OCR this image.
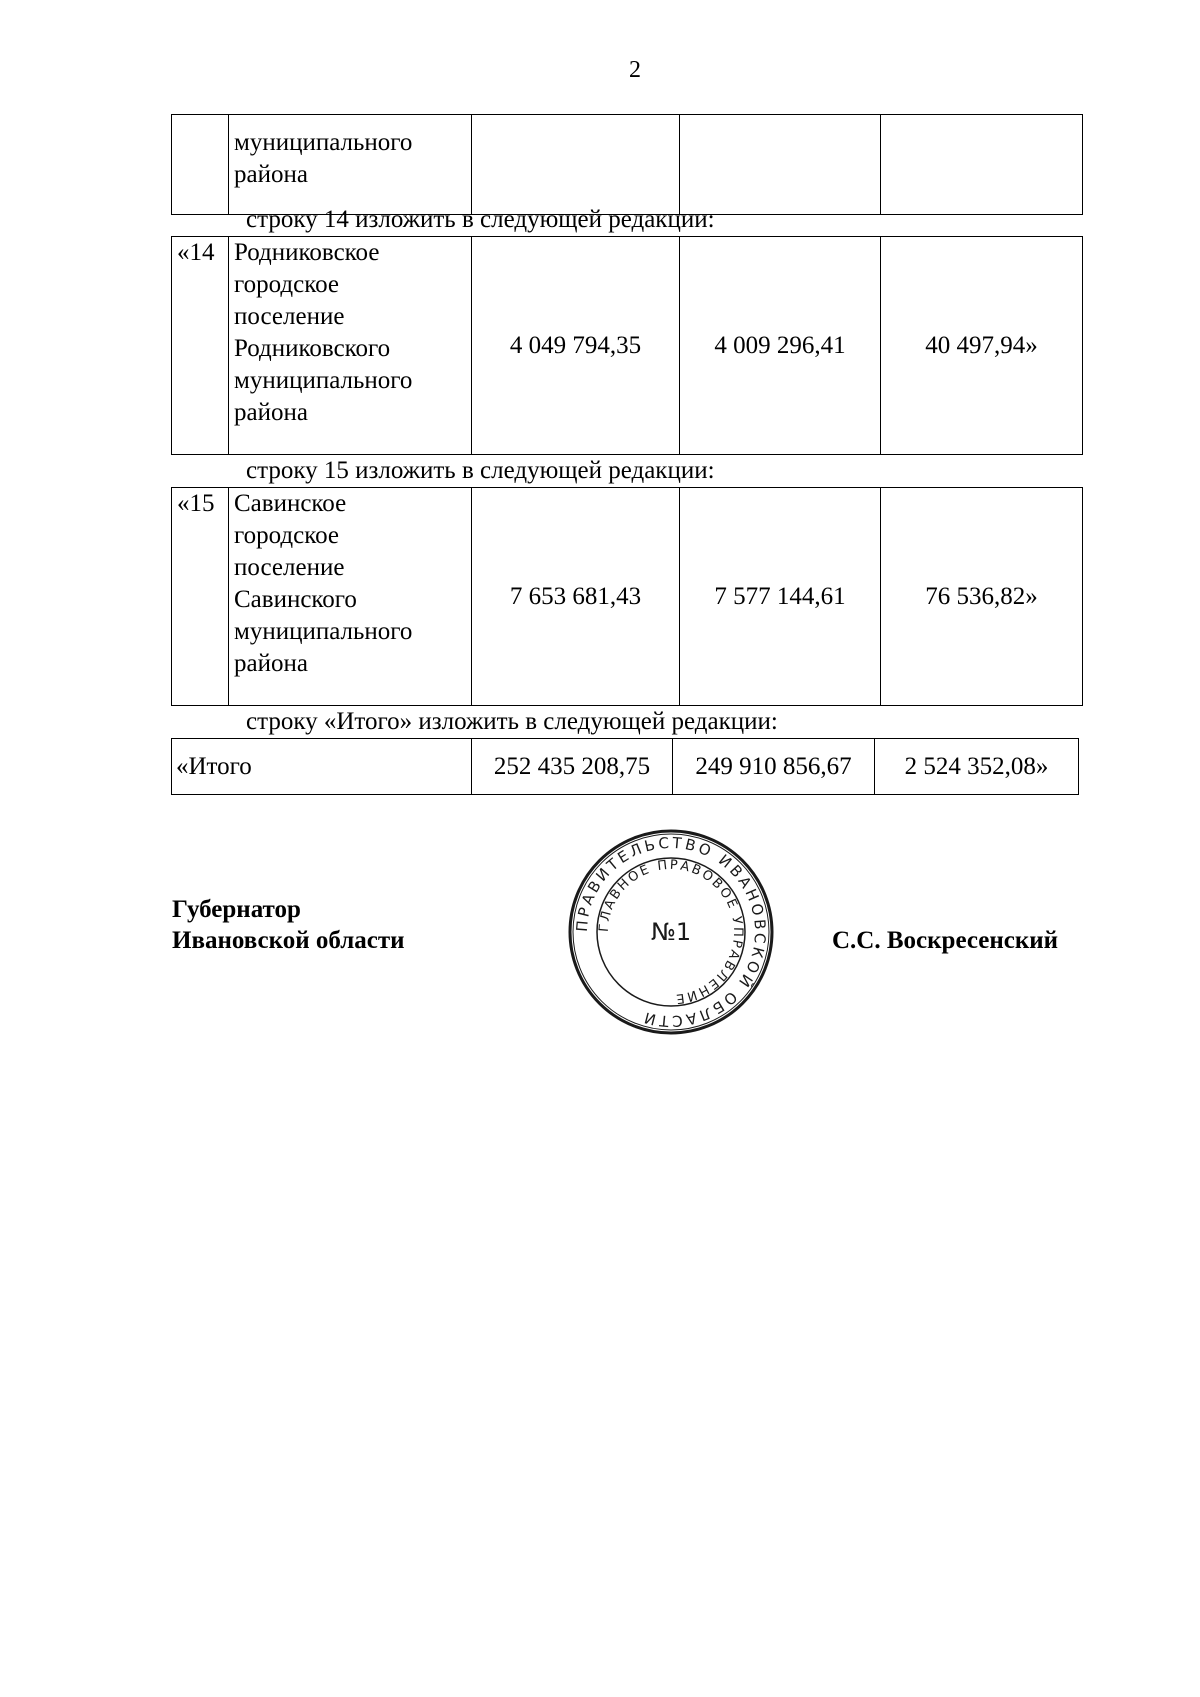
2

муниципального
района

строку 14 изложить в следующей редакции:
«14	Родниковское
городское
поселение
Родниковского
муниципального
района
	4 049 794,35	4 009 296,41	40 497,94»
строку 15 изложить в следующей редакции:
«15	Савинское
городское
поселение
Савинского
муниципального
района
	7 653 681,43	7 577 144,61	76 536,82»
строку «Итого» изложить в следующей редакции:
«Итого	252 435 208,75	249 910 856,67	2 524 352,08»
Губернатор
Ивановской области
ПРАВИТЕЛЬСТВО ИВАНОВСКОЙ ОБЛАСТИ
ГЛАВНОЕ ПРАВОВОЕ УПРАВЛЕНИЕ
№1	С.С. Воскресенский
